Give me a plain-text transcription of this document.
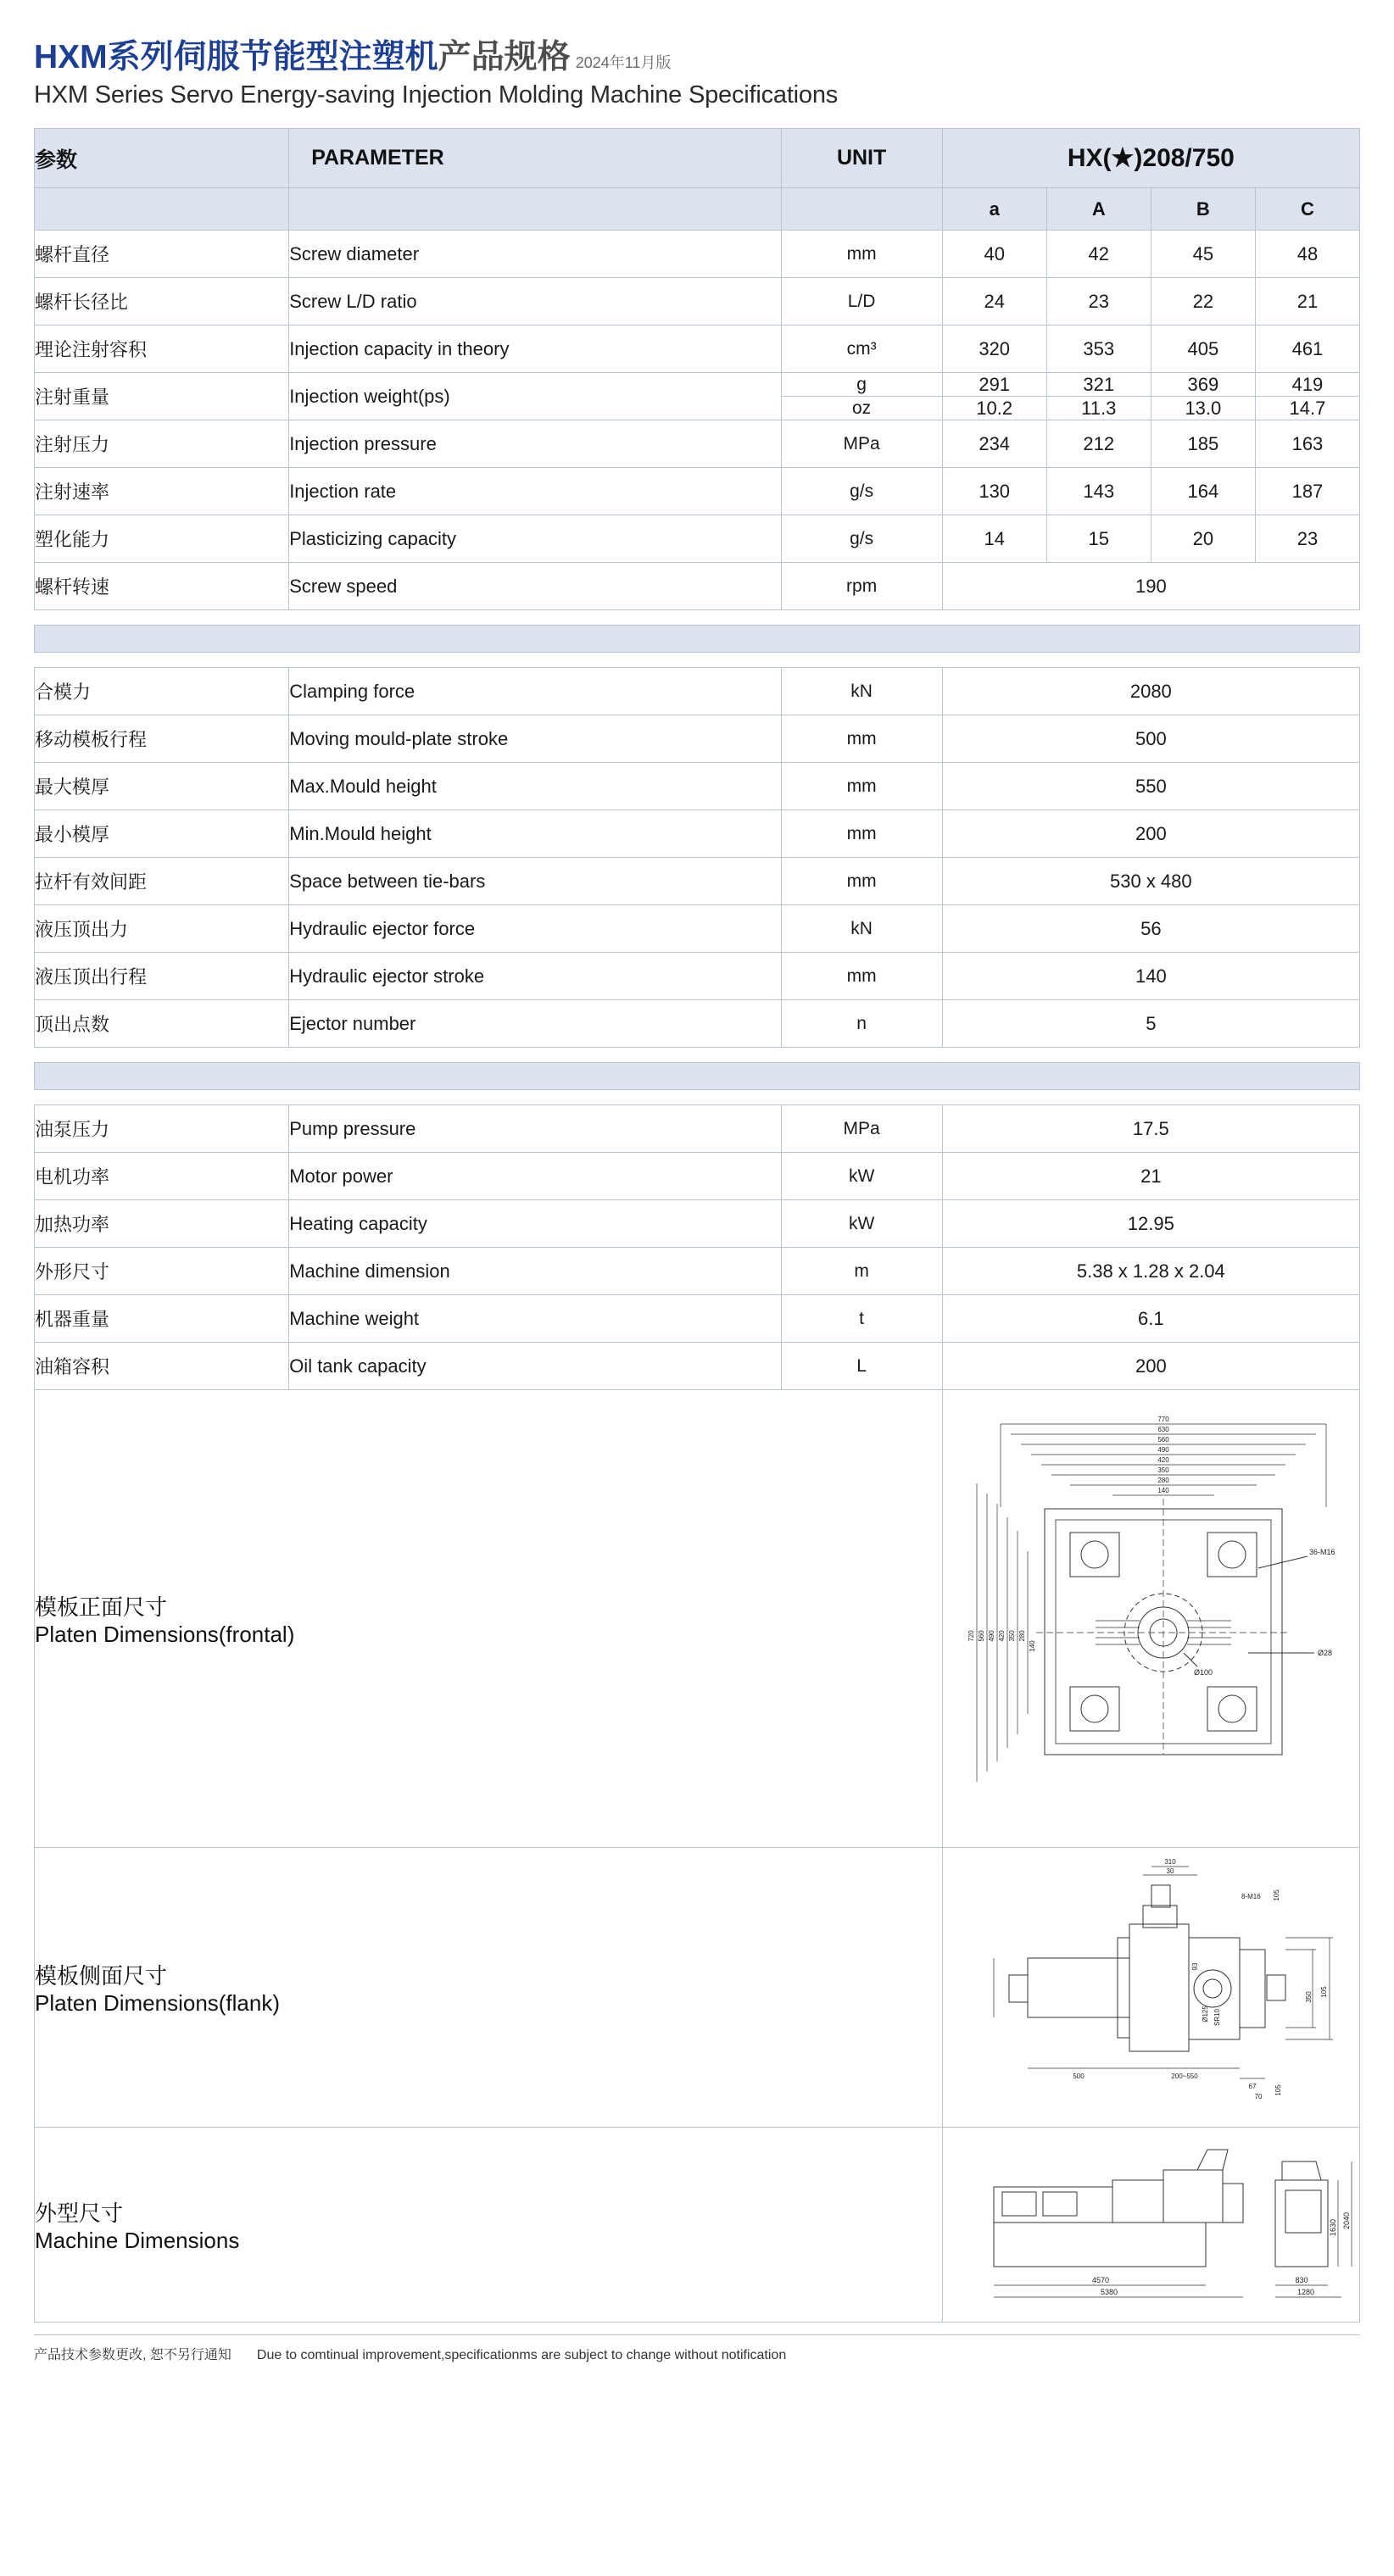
HXM系列伺服节能型注塑机产品规格 2024年11月版
HXM Series Servo Energy-saving Injection Molding Machine Specifications
参数	PARAMETER	UNIT	HX(★)208/750			
			a	A	B	C
螺杆直径	Screw diameter	mm	40	42	45	48
螺杆长径比	Screw L/D ratio	L/D	24	23	22	21
理论注射容积	Injection capacity in theory	cm³	320	353	405	461
注射重量	Injection weight(ps)	g	291	321	369	419
		oz	10.2	11.3	13.0	14.7
注射压力	Injection pressure	MPa	234	212	185	163
注射速率	Injection rate	g/s	130	143	164	187
塑化能力	Plasticizing capacity	g/s	14	15	20	23
螺杆转速	Screw speed	rpm	190			

合模力	Clamping force	kN	2080			
移动模板行程	Moving mould-plate stroke	mm	500			
最大模厚	Max.Mould height	mm	550			
最小模厚	Min.Mould height	mm	200			
拉杆有效间距	Space between tie-bars	mm	530 x 480			
液压顶出力	Hydraulic ejector force	kN	56			
液压顶出行程	Hydraulic ejector stroke	mm	140			
顶出点数	Ejector number	n	5			

油泵压力	Pump pressure	MPa	17.5			
电机功率	Motor power	kW	21			
加热功率	Heating capacity	kW	12.95			
外形尺寸	Machine dimension	m	5.38 x 1.28 x 2.04			
机器重量	Machine weight	t	6.1			
油箱容积	Oil tank capacity	L	200			

模板正面尺寸
Platen Dimensions(frontal)

770
630
560
490
420
350
280
140
720 560 490 420 350 280
140
36-M16
Ø28
Ø100

模板侧面尺寸
Platen Dimensions(flank)

310
30
500	200~550
67
70
8-M16
350 105
105
93
Ø125 SR10
105

外型尺寸
Machine Dimensions

4570
5380
830
1280
1630 2040
产品技术参数更改, 恕不另行通知 Due to comtinual improvement,specificationms are subject to change without notification
